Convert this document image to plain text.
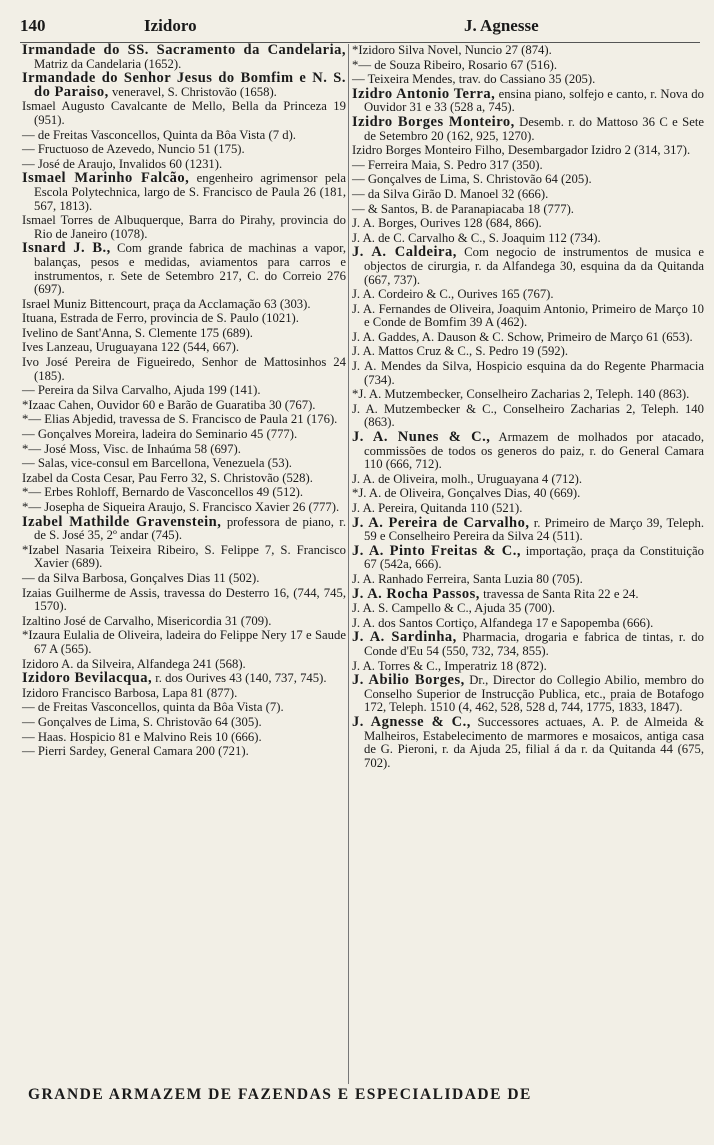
140	Izidoro	J. Agnesse
Irmandade do SS. Sacramento da Candelaria, Matriz da Candelaria (1652).
Irmandade do Senhor Jesus do Bomfim e N. S. do Paraiso, veneravel, S. Christovão (1658).
Ismael Augusto Cavalcante de Mello, Bella da Princeza 19 (951).
— de Freitas Vasconcellos, Quinta da Bôa Vista (7 d).
— Fructuoso de Azevedo, Nuncio 51 (175).
— José de Araujo, Invalidos 60 (1231).
Ismael Marinho Falcão, engenheiro agrimensor pela Escola Polytechnica, largo de S. Francisco de Paula 26 (181, 567, 1813).
Ismael Torres de Albuquerque, Barra do Pirahy, provincia do Rio de Janeiro (1078).
Isnard J. B., Com grande fabrica de machinas a vapor, balanças, pesos e medidas, aviamentos para carros e instrumentos, r. Sete de Setembro 217, C. do Correio 276 (697).
Israel Muniz Bittencourt, praça da Acclamação 63 (303).
Ituana, Estrada de Ferro, provincia de S. Paulo (1021).
Ivelino de Sant'Anna, S. Clemente 175 (689).
Ives Lanzeau, Uruguayana 122 (544, 667).
Ivo José Pereira de Figueiredo, Senhor de Mattosinhos 24 (185).
— Pereira da Silva Carvalho, Ajuda 199 (141).
*Izaac Cahen, Ouvidor 60 e Barão de Guaratiba 30 (767).
*— Elias Abjedid, travessa de S. Francisco de Paula 21 (176).
— Gonçalves Moreira, ladeira do Seminario 45 (777).
*— José Moss, Visc. de Inhaúma 58 (697).
— Salas, vice-consul em Barcellona, Venezuela (53).
Izabel da Costa Cesar, Pau Ferro 32, S. Christovão (528).
*— Erbes Rohloff, Bernardo de Vasconcellos 49 (512).
*— Josepha de Siqueira Araujo, S. Francisco Xavier 26 (777).
Izabel Mathilde Gravenstein, professora de piano, r. de S. José 35, 2º andar (745).
*Izabel Nasaria Teixeira Ribeiro, S. Felippe 7, S. Francisco Xavier (689).
— da Silva Barbosa, Gonçalves Dias 11 (502).
Izaias Guilherme de Assis, travessa do Desterro 16, (744, 745, 1570).
Izaltino José de Carvalho, Misericordia 31 (709).
*Izaura Eulalia de Oliveira, ladeira do Felippe Nery 17 e Saude 67 A (565).
Izidoro A. da Silveira, Alfandega 241 (568).
Izidoro Bevilacqua, r. dos Ourives 43 (140, 737, 745).
Izidoro Francisco Barbosa, Lapa 81 (877).
— de Freitas Vasconcellos, quinta da Bôa Vista (7).
— Gonçalves de Lima, S. Christovão 64 (305).
— Haas. Hospicio 81 e Malvino Reis 10 (666).
— Pierri Sardey, General Camara 200 (721).
*Izidoro Silva Novel, Nuncio 27 (874).
*— de Souza Ribeiro, Rosario 67 (516).
— Teixeira Mendes, trav. do Cassiano 35 (205).
Izidro Antonio Terra, ensina piano, solfejo e canto, r. Nova do Ouvidor 31 e 33 (528 a, 745).
Izidro Borges Monteiro, Desemb. r. do Mattoso 36 C e Sete de Setembro 20 (162, 925, 1270).
Izidro Borges Monteiro Filho, Desembargador Izidro 2 (314, 317).
— Ferreira Maia, S. Pedro 317 (350).
— Gonçalves de Lima, S. Christovão 64 (205).
— da Silva Girão D. Manoel 32 (666).
— & Santos, B. de Paranapiacaba 18 (777).
J. A. Borges, Ourives 128 (684, 866).
J. A. de C. Carvalho & C., S. Joaquim 112 (734).
J. A. Caldeira, Com negocio de instrumentos de musica e objectos de cirurgia, r. da Alfandega 30, esquina da da Quitanda (667, 737).
J. A. Cordeiro & C., Ourives 165 (767).
J. A. Fernandes de Oliveira, Joaquim Antonio, Primeiro de Março 10 e Conde de Bomfim 39 A (462).
J. A. Gaddes, A. Dauson & C. Schow, Primeiro de Março 61 (653).
J. A. Mattos Cruz & C., S. Pedro 19 (592).
J. A. Mendes da Silva, Hospicio esquina da do Regente Pharmacia (734).
*J. A. Mutzembecker, Conselheiro Zacharias 2, Teleph. 140 (863).
J. A. Mutzembecker & C., Conselheiro Zacharias 2, Teleph. 140 (863).
J. A. Nunes & C., Armazem de molhados por atacado, commissões de todos os generos do paiz, r. do General Camara 110 (666, 712).
J. A. de Oliveira, molh., Uruguayana 4 (712).
*J. A. de Oliveira, Gonçalves Dias, 40 (669).
J. A. Pereira, Quitanda 110 (521).
J. A. Pereira de Carvalho, r. Primeiro de Março 39, Teleph. 59 e Conselheiro Pereira da Silva 24 (511).
J. A. Pinto Freitas & C., importação, praça da Constituição 67 (542a, 666).
J. A. Ranhado Ferreira, Santa Luzia 80 (705).
J. A. Rocha Passos, travessa de Santa Rita 22 e 24.
J. A. S. Campello & C., Ajuda 35 (700).
J. A. dos Santos Cortiço, Alfandega 17 e Sapopemba (666).
J. A. Sardinha, Pharmacia, drogaria e fabrica de tintas, r. do Conde d'Eu 54 (550, 732, 734, 855).
J. A. Torres & C., Imperatriz 18 (872).
J. Abilio Borges, Dr., Director do Collegio Abilio, membro do Conselho Superior de Instrucção Publica, etc., praia de Botafogo 172, Teleph. 1510 (4, 462, 528, 528 d, 744, 1775, 1833, 1847).
J. Agnesse & C., Successores actuaes, A. P. de Almeida & Malheiros, Estabelecimento de marmores e mosaicos, antiga casa de G. Pieroni, r. da Ajuda 25, filial á da r. da Quitanda 44 (675, 702).
GRANDE ARMAZEM DE FAZENDAS E ESPECIALIDADE DE
